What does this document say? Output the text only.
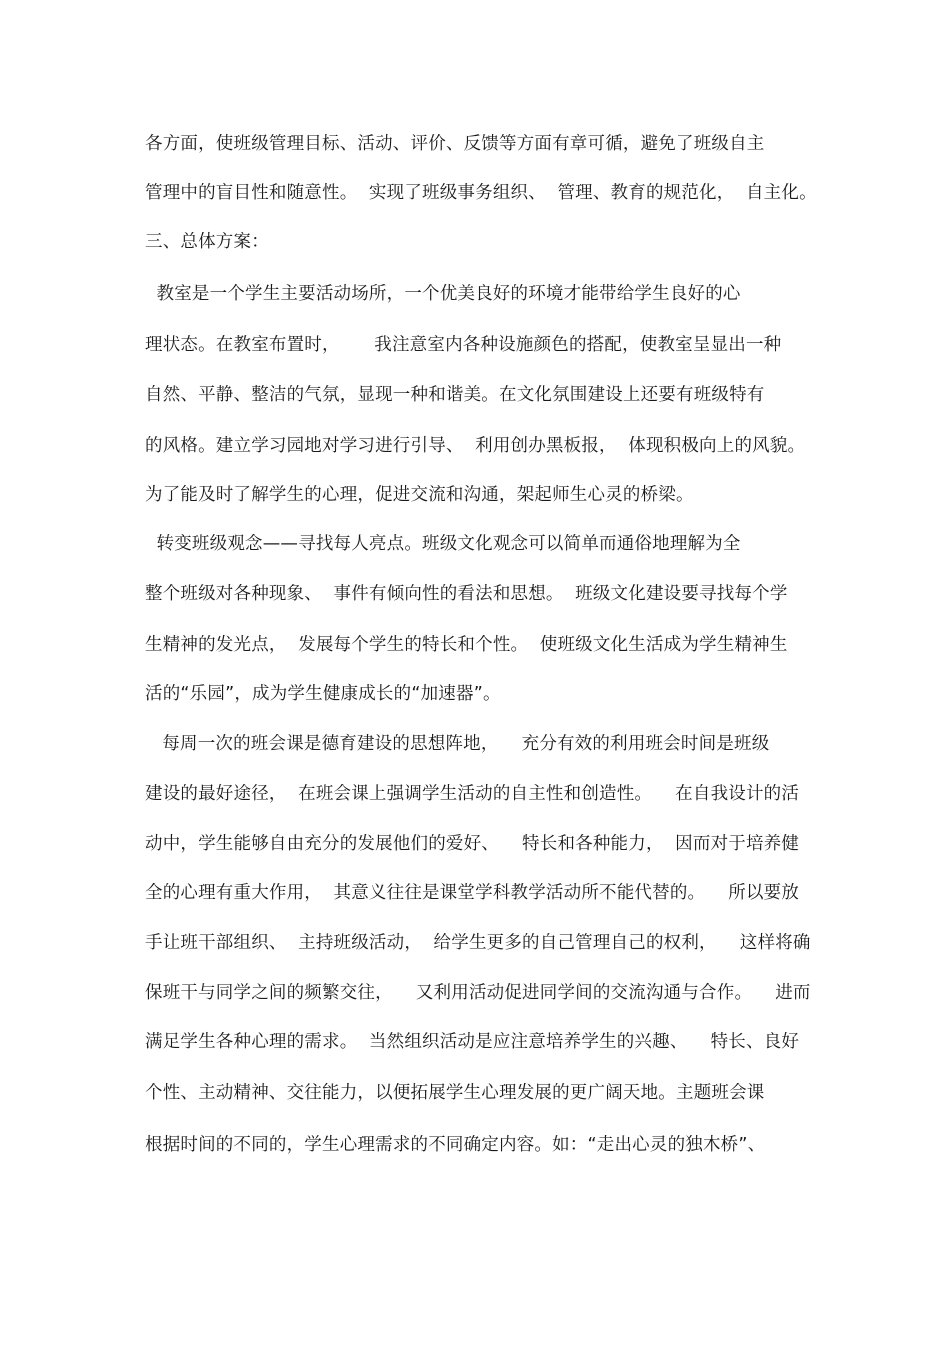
各方面，使班级管理目标、活动、评价、反馈等方面有章可循，避免了班级自主
管理中的盲目性和随意性。  实现了班级事务组织、  管理、教育的规范化，  自主化。
三、总体方案：
教室是一个学生主要活动场所，一个优美良好的环境才能带给学生良好的心
理状态。在教室布置时，      我注意室内各种设施颜色的搭配，使教室呈显出一种
自然、平静、整洁的气氛，显现一种和谐美。在文化氛围建设上还要有班级特有
的风格。建立学习园地对学习进行引导、  利用创办黑板报，  体现积极向上的风貌。
为了能及时了解学生的心理，促进交流和沟通，架起师生心灵的桥梁。
转变班级观念——寻找每人亮点。班级文化观念可以简单而通俗地理解为全
整个班级对各种现象、  事件有倾向性的看法和思想。  班级文化建设要寻找每个学
生精神的发光点，  发展每个学生的特长和个性。  使班级文化生活成为学生精神生
活的“乐园”，成为学生健康成长的“加速器”。
每周一次的班会课是德育建设的思想阵地，    充分有效的利用班会时间是班级
建设的最好途径，  在班会课上强调学生活动的自主性和创造性。    在自我设计的活
动中，学生能够自由充分的发展他们的爱好、    特长和各种能力，  因而对于培养健
全的心理有重大作用，  其意义往往是课堂学科教学活动所不能代替的。    所以要放
手让班干部组织、  主持班级活动，  给学生更多的自己管理自己的权利，    这样将确
保班干与同学之间的频繁交往，    又利用活动促进同学间的交流沟通与合作。    进而
满足学生各种心理的需求。  当然组织活动是应注意培养学生的兴趣、    特长、良好
个性、主动精神、交往能力，以便拓展学生心理发展的更广阔天地。主题班会课
根据时间的不同的，学生心理需求的不同确定内容。如：“走出心灵的独木桥”、
